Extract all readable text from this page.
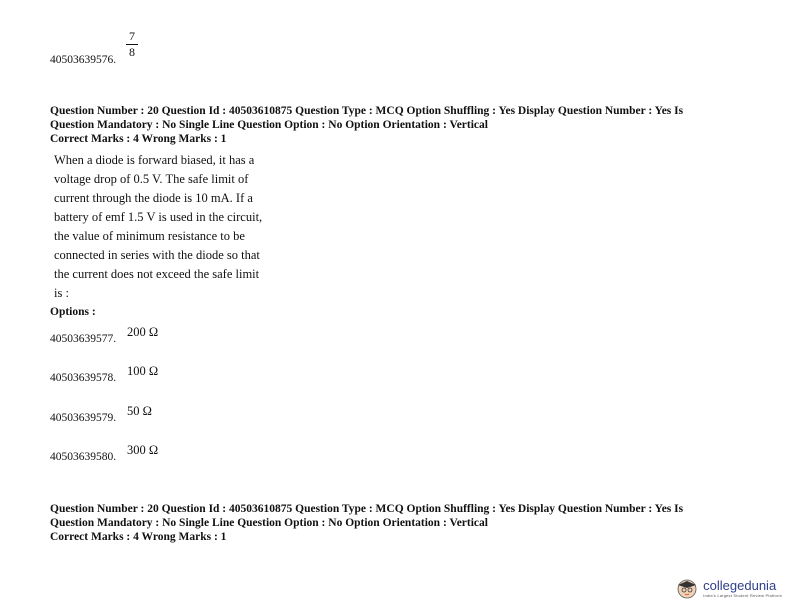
40503639576.
7
8
Question Number : 20 Question Id : 40503610875 Question Type : MCQ Option Shuffling : Yes Display Question Number : Yes Is
Question Mandatory : No Single Line Question Option : No Option Orientation : Vertical
Correct Marks : 4 Wrong Marks : 1
When a diode is forward biased, it has a
voltage drop of 0.5 V. The safe limit of
current through the diode is 10 mA. If a
battery of emf 1.5 V is used in the circuit,
the value of minimum resistance to be
connected in series with the diode so that
the current does not exceed the safe limit
is :
Options :
40503639577. 200 Ω
40503639578. 100 Ω
40503639579. 50 Ω
40503639580. 300 Ω
Question Number : 20 Question Id : 40503610875 Question Type : MCQ Option Shuffling : Yes Display Question Number : Yes Is
Question Mandatory : No Single Line Question Option : No Option Orientation : Vertical
Correct Marks : 4 Wrong Marks : 1
collegedunia
India's Largest Student Review Platform
